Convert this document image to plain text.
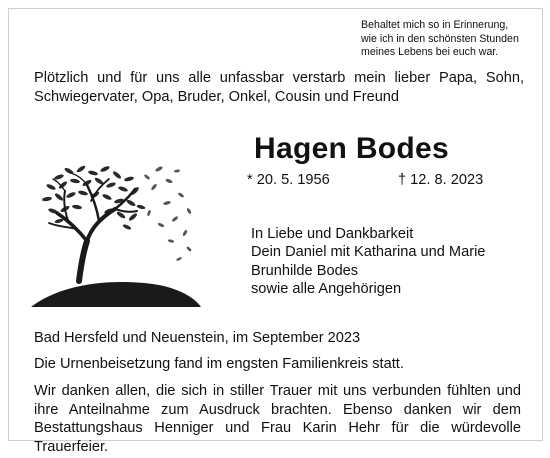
Behaltet mich so in Erinnerung,
wie ich in den schönsten Stunden
meines Lebens bei euch war.
Plötzlich und für uns alle unfassbar verstarb mein lieber Papa, Sohn, Schwiegervater, Opa, Bruder, Onkel, Cousin und Freund
Hagen Bodes
* 20. 5. 1956	† 12. 8. 2023
In Liebe und Dankbarkeit
Dein Daniel mit Katharina und Marie
Brunhilde Bodes
sowie alle Angehörigen
Bad Hersfeld und Neuenstein, im September 2023
Die Urnenbeisetzung fand im engsten Familienkreis statt.
Wir danken allen, die sich in stiller Trauer mit uns verbunden fühlten und ihre Anteilnahme zum Ausdruck brachten. Ebenso danken wir dem Bestattungshaus Henniger und Frau Karin Hehr für die würdevolle Trauerfeier.
